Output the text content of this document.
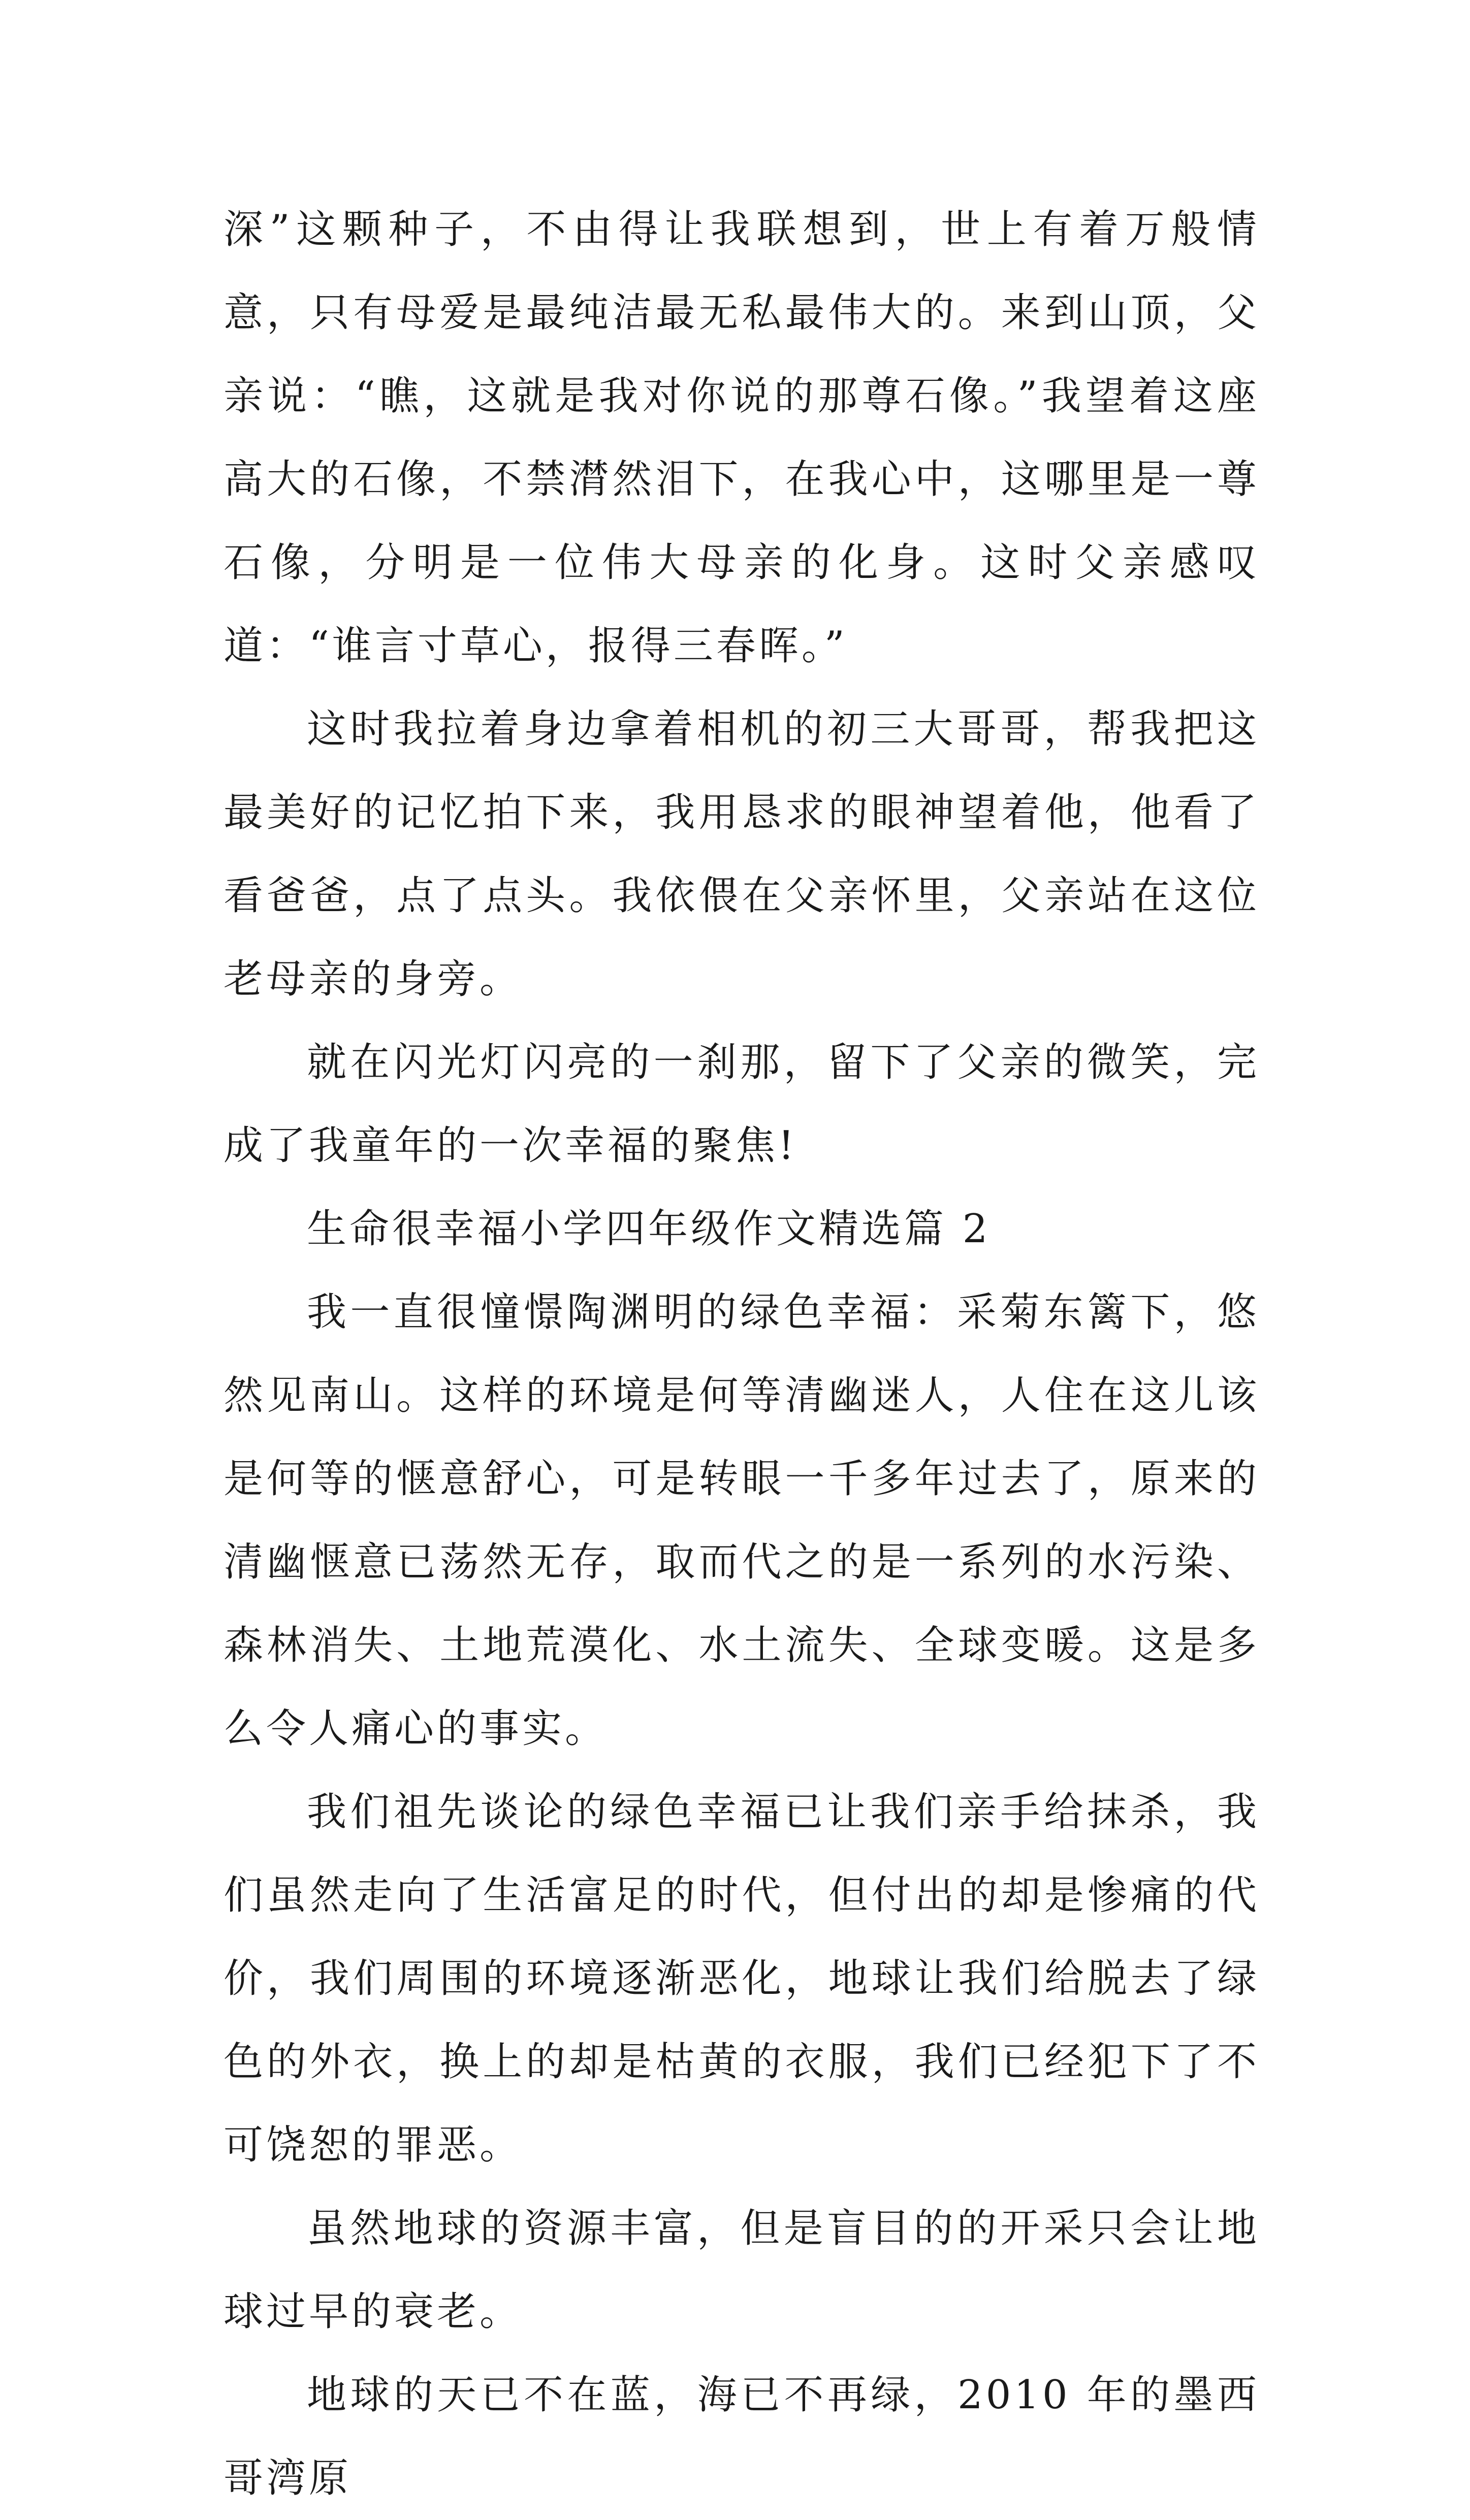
深”这颗种子，不由得让我联想到，世上有着万般情意，只有母爱是最纯洁最无私最伟大的。来到山顶，父亲说：“瞧，这就是我对你说的那尊石像。”我望着这座高大的石像，不禁潸然泪下，在我心中，这哪里是一尊石像，分明是一位伟大母亲的化身。这时父亲感叹道：“谁言寸草心，报得三春晖。”

这时我拉着身边拿着相机的初三大哥哥，帮我把这最美好的记忆拍下来，我用恳求的眼神望着他，他看了看爸爸，点了点头。我依偎在父亲怀里，父亲站在这位老母亲的身旁。

就在闪光灯闪亮的一刹那，留下了父亲的微笑，完成了我童年的一次幸福的聚焦!

生命很幸福小学四年级作文精选篇 2

我一直很憧憬陶渊明的绿色幸福：采菊东篱下，悠然见南山。这样的环境是何等清幽迷人，人住在这儿该是何等的惬意舒心，可是转眼一千多年过去了，原来的清幽惬意已荡然无存，取而代之的是一系列的水污染、森林消失、土地荒漠化、水土流失、全球变暖。这是多么令人痛心的事实。

我们祖先谈论的绿色幸福已让我们亲手给抹杀，我们虽然走向了生活富足的时代，但付出的却是惨痛的代价，我们周围的环境逐渐恶化，地球让我们给脱去了绿色的外衣，换上的却是枯黄的衣服，我们已经犯下了不可饶恕的罪恶。

虽然地球的资源丰富，但是盲目的的开采只会让地球过早的衰老。

地球的天已不在蓝，海已不再绿，2010 年的墨西哥湾原
